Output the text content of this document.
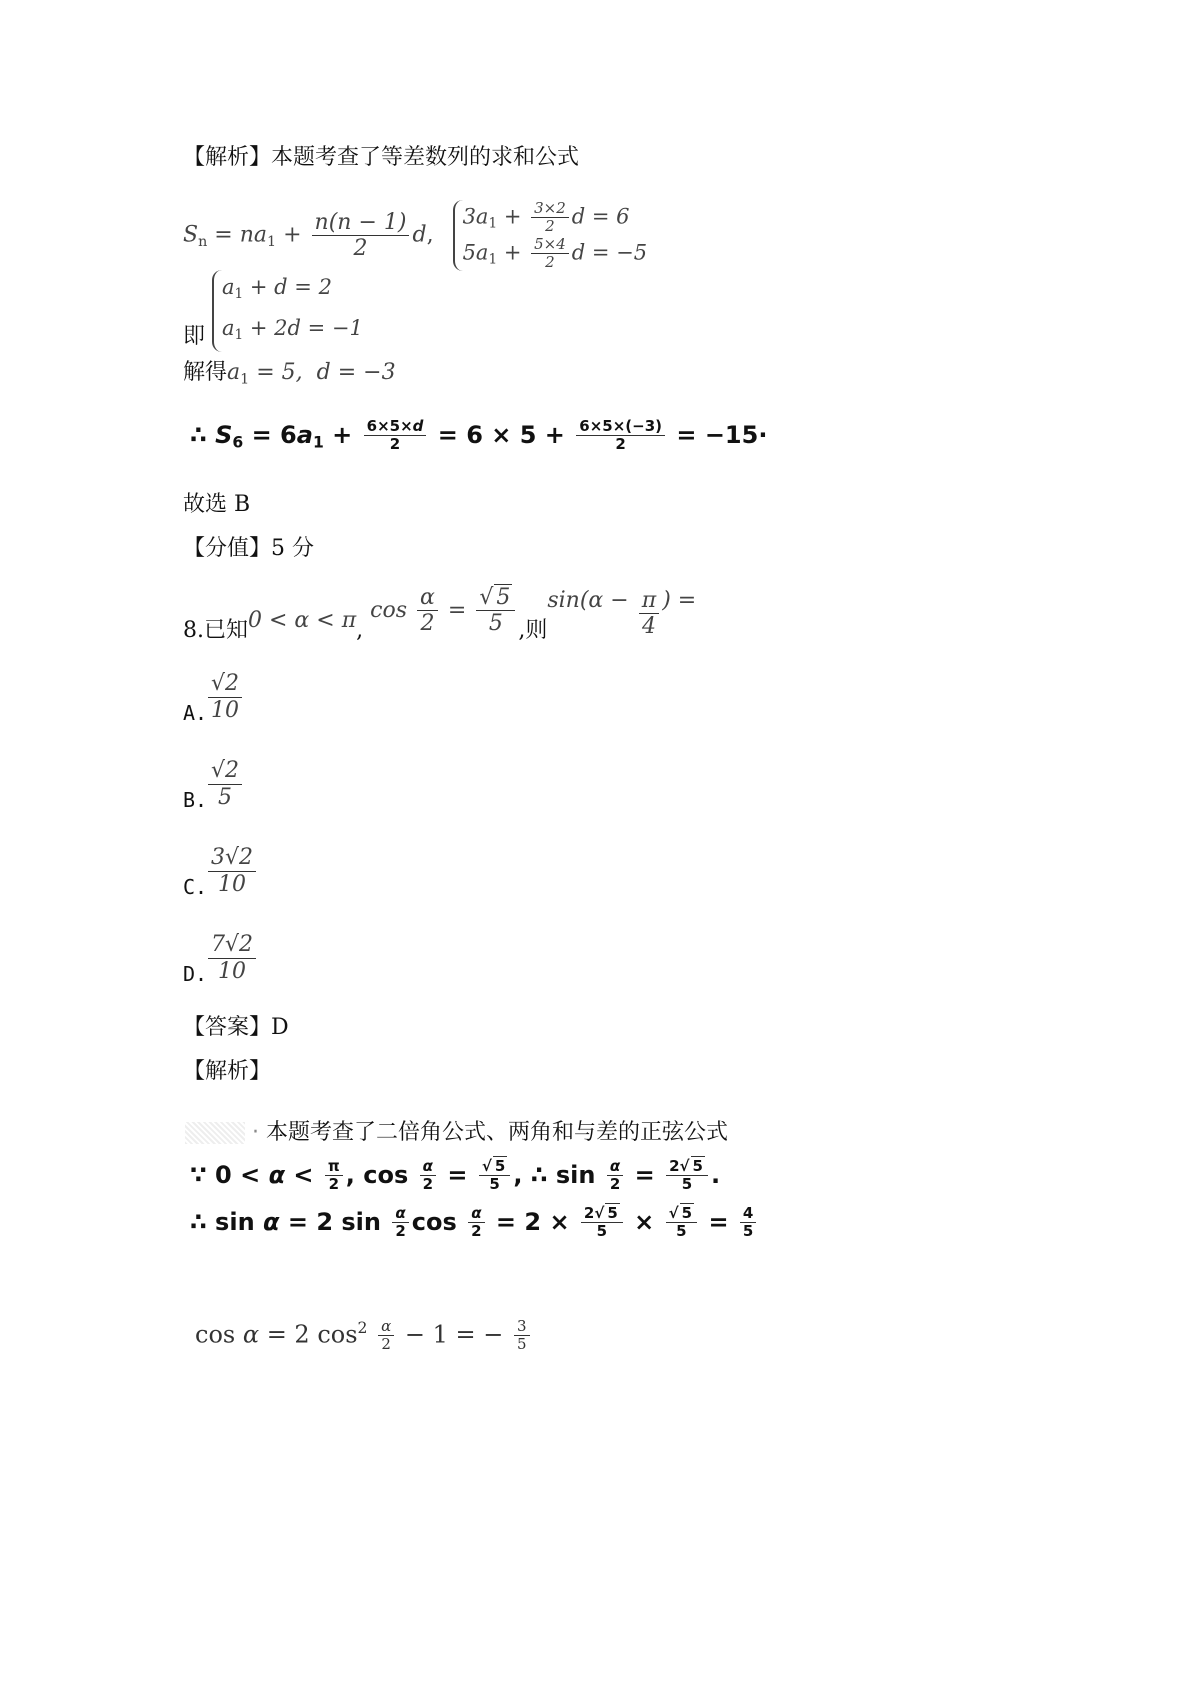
【解析】本题考查了等差数列的求和公式
$S_n = na_1 + \frac{n(n - 1)}{2} d$,
$3a_1 + \frac{3\times 2}{2}$ d = 6
$5a_1 + \frac{5\times 4}{2}$ d = −5
即
$a_1 + d = 2$
$a_1 + 2d = -1$
解得$a_1 = 5$,  d = −3
∴ $S_6 = 6a_1 + \frac{6\times 5\times d}{2} = 6 \times 5 + \frac{6\times 5\times(-3)}{2} = -15\cdot$
故选 B
【分值】5 分
8.已知0 < α < π, $\cos \frac{\alpha}{2} = \frac{√ 5}{5}$ ,则$\sin(\alpha - \frac{\pi}{4}$ ) =
A. $\frac{√2}{10}$
B. $\frac{√2}{5}$
C. $\frac{3√2}{10}$
D. $\frac{7√2}{10}$
【答案】D
【解析】
· 本题考查了二倍角公式、两角和与差的正弦公式
∵ $0 < \alpha < \frac{\pi}{2}$ , $\cos \frac{\alpha}{2} = \frac{√ 5}{5}$ , ∴ $\sin \frac{\alpha}{2} = \frac{2√ 5}{5}$ .
∴ sin α = 2 $\sin \frac{\alpha}{2}$ $\cos \frac{\alpha}{2} = 2 \times \frac{2√ 5}{5} \times \frac{√ 5}{5} = \frac{4}{5}$
cos α = 2 $\cos^2 \frac{\alpha}{2} - 1$ = − $\frac{3}{5}$
